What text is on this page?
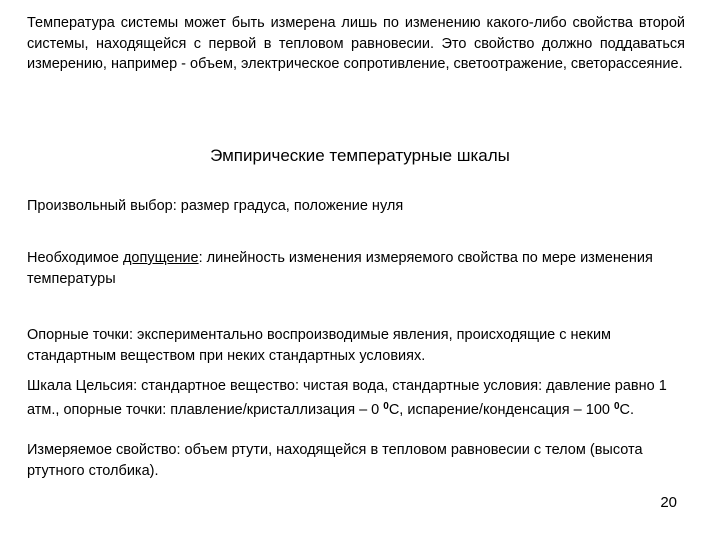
Температура системы может быть измерена лишь по изменению какого-либо свойства второй системы, находящейся с первой в тепловом равновесии. Это свойство должно поддаваться измерению, например - объем, электрическое сопротивление, светоотражение, светорассеяние.
Эмпирические температурные шкалы
Произвольный выбор: размер градуса, положение нуля
Необходимое допущение: линейность изменения измеряемого свойства по мере изменения температуры
Опорные точки: экспериментально воспроизводимые явления, происходящие с неким стандартным веществом при неких стандартных условиях.
Шкала Цельсия: стандартное вещество: чистая вода, стандартные условия: давление равно 1 атм., опорные точки: плавление/кристаллизация – 0 $^0$С, испарение/конденсация – 100 $^0$С.
Измеряемое свойство: объем ртути, находящейся в тепловом равновесии с телом (высота ртутного столбика).
20
